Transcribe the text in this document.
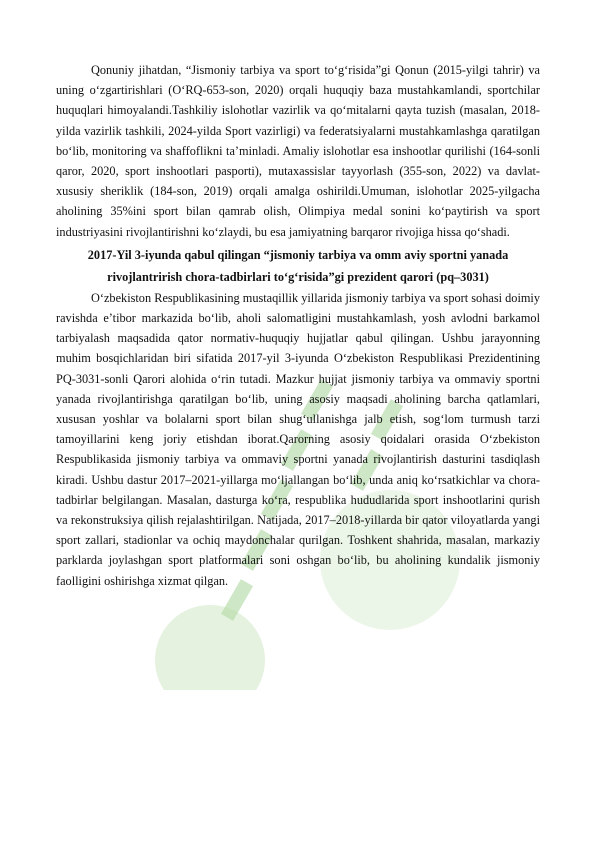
Qonuniy jihatdan, “Jismoniy tarbiya va sport to‘g‘risida”gi Qonun (2015-yilgi tahrir) va uning o‘zgartirishlari (O‘RQ-653-son, 2020) orqali huquqiy baza mustahkamlandi, sportchilar huquqlari himoyalandi.Tashkiliy islohotlar vazirlik va qo‘mitalarni qayta tuzish (masalan, 2018-yilda vazirlik tashkili, 2024-yilda Sport vazirligi) va federatsiyalarni mustahkamlashga qaratilgan bo‘lib, monitoring va shaffoflikni ta’minladi. Amaliy islohotlar esa inshootlar qurilishi (164-sonli qaror, 2020, sport inshootlari pasporti), mutaxassislar tayyorlash (355-son, 2022) va davlat-xususiy sheriklik (184-son, 2019) orqali amalga oshirildi.Umuman, islohotlar 2025-yilgacha aholining 35%ini sport bilan qamrab olish, Olimpiya medal sonini ko‘paytirish va sport industriyasini rivojlantirishni ko‘zlaydi, bu esa jamiyatning barqaror rivojiga hissa qo‘shadi.

2017-Yil 3-iyunda qabul qilingan “jismoniy tarbiya va omm aviy sportni yanada rivojlantrirish chora-tadbirlari to‘g‘risida”gi prezident qarori (pq–3031)

O‘zbekiston Respublikasining mustaqillik yillarida jismoniy tarbiya va sport sohasi doimiy ravishda e’tibor markazida bo‘lib, aholi salomatligini mustahkamlash, yosh avlodni barkamol tarbiyalash maqsadida qator normativ-huquqiy hujjatlar qabul qilingan. Ushbu jarayonning muhim bosqichlaridan biri sifatida 2017-yil 3-iyunda O‘zbekiston Respublikasi Prezidentining PQ-3031-sonli Qarori alohida o‘rin tutadi. Mazkur hujjat jismoniy tarbiya va ommaviy sportni yanada rivojlantirishga qaratilgan bo‘lib, uning asosiy maqsadi aholining barcha qatlamlari, xususan yoshlar va bolalarni sport bilan shug‘ullanishga jalb etish, sog‘lom turmush tarzi tamoyillarini keng joriy etishdan iborat.Qarorning asosiy qoidalari orasida O‘zbekiston Respublikasida jismoniy tarbiya va ommaviy sportni yanada rivojlantirish dasturini tasdiqlash kiradi. Ushbu dastur 2017–2021-yillarga mo‘ljallangan bo‘lib, unda aniq ko‘rsatkichlar va chora-tadbirlar belgilangan. Masalan, dasturga ko‘ra, respublika hududlarida sport inshootlarini qurish va rekonstruksiya qilish rejalashtirilgan. Natijada, 2017–2018-yillarda bir qator viloyatlarda yangi sport zallari, stadionlar va ochiq maydonchalar qurilgan. Toshkent shahrida, masalan, markaziy parklarda joylashgan sport platformalari soni oshgan bo‘lib, bu aholining kundalik jismoniy faolligini oshirishga xizmat qilgan.
